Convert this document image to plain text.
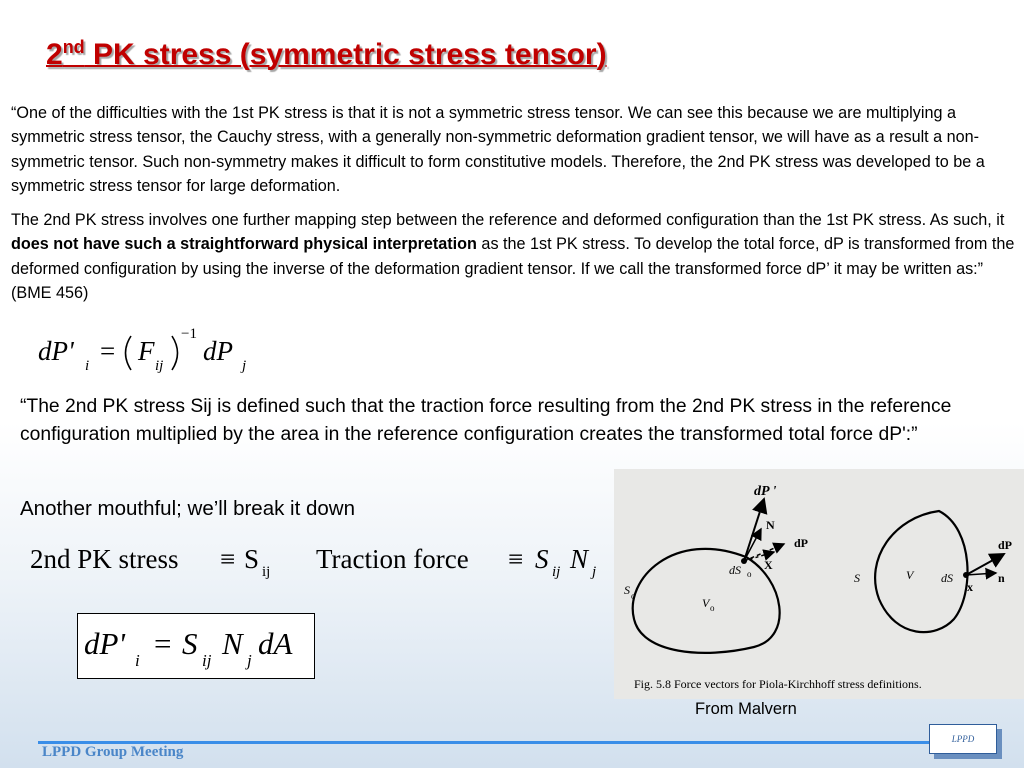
2nd PK stress (symmetric stress tensor)
“One of the difficulties with the 1st PK stress is that it is not a symmetric stress tensor. We can see this because we are multiplying a symmetric stress tensor, the Cauchy stress, with a generally non-symmetric deformation gradient tensor, we will have as a result a non-symmetric tensor. Such non-symmetry makes it difficult to form constitutive models. Therefore, the 2nd PK stress was developed to be a symmetric stress tensor for large deformation.
The 2nd PK stress involves one further mapping step between the reference and deformed configuration than the 1st PK stress. As such, it does not have such a straightforward physical interpretation as the 1st PK stress. To develop the total force, dP is transformed from the deformed configuration by using the inverse of the deformation gradient tensor. If we call the transformed force dP’ it may be written as:” (BME 456)
dP' i = F ij
−1
dP j
“The 2nd PK stress Sij is defined such that the traction force resulting from the 2nd PK stress in the reference configuration multiplied by the area in the reference configuration creates the transformed total force dP':”
Another mouthful; we’ll break it down
2nd PK stress ≡ S ij Traction force ≡ S ij N j
dP' i = S ij N j dA
dP '
N
dP
dS o
X
S o	V o
S	V dS	n
x
dP
Fig. 5.8 Force vectors for Piola-Kirchhoff stress definitions.
From Malvern
LPPD Group Meeting
LPPD
